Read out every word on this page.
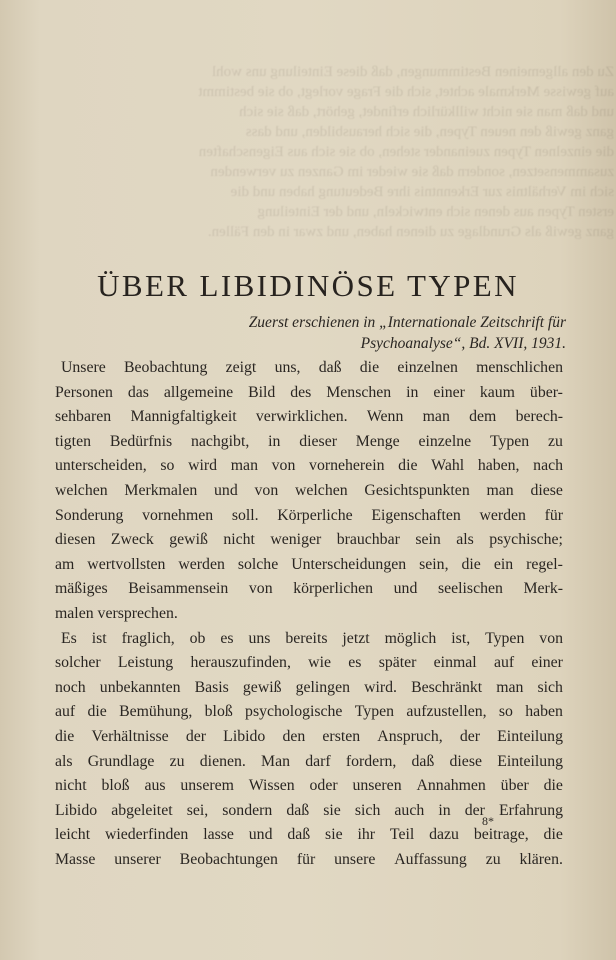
Zu den allgemeinen Bestimmungen, daß diese Einteilung uns wohl
auf gewisse Merkmale achtet, sich die Frage vorlegt, ob sie bestimmt
und daß man sie nicht willkürlich erfindet, gehört, daß sie sich
ganz gewiß den neuen Typen, die sich herausbilden, und dass
die einzelnen Typen zueinander stehen, ob sie sich aus Eigenschaften
zusammensetzen, sondern daß sie wieder im Ganzen zu verwenden
sich im Verhältnis zur Erkenntnis ihre Bedeutung haben und die
ersten Typen aus denen sich entwickeln, und der Einteilung
ganz gewiß als Grundlage zu dienen haben, und zwar in den Fällen.
ÜBER LIBIDINÖSE TYPEN
Zuerst erschienen in „Internationale Zeitschrift für
Psychoanalyse“, Bd. XVII, 1931.
Unsere Beobachtung zeigt uns, daß die einzelnen menschlichen
Personen das allgemeine Bild des Menschen in einer kaum über-
sehbaren Mannigfaltigkeit verwirklichen. Wenn man dem berech-
tigten Bedürfnis nachgibt, in dieser Menge einzelne Typen zu
unterscheiden, so wird man von vorneherein die Wahl haben, nach
welchen Merkmalen und von welchen Gesichtspunkten man diese
Sonderung vornehmen soll. Körperliche Eigenschaften werden für
diesen Zweck gewiß nicht weniger brauchbar sein als psychische;
am wertvollsten werden solche Unterscheidungen sein, die ein regel-
mäßiges Beisammensein von körperlichen und seelischen Merk-
malen versprechen.
Es ist fraglich, ob es uns bereits jetzt möglich ist, Typen von
solcher Leistung herauszufinden, wie es später einmal auf einer
noch unbekannten Basis gewiß gelingen wird. Beschränkt man sich
auf die Bemühung, bloß psychologische Typen aufzustellen, so haben
die Verhältnisse der Libido den ersten Anspruch, der Einteilung
als Grundlage zu dienen. Man darf fordern, daß diese Einteilung
nicht bloß aus unserem Wissen oder unseren Annahmen über die
Libido abgeleitet sei, sondern daß sie sich auch in der Erfahrung
leicht wiederfinden lasse und daß sie ihr Teil dazu beitrage, die
Masse unserer Beobachtungen für unsere Auffassung zu klären.
8*
